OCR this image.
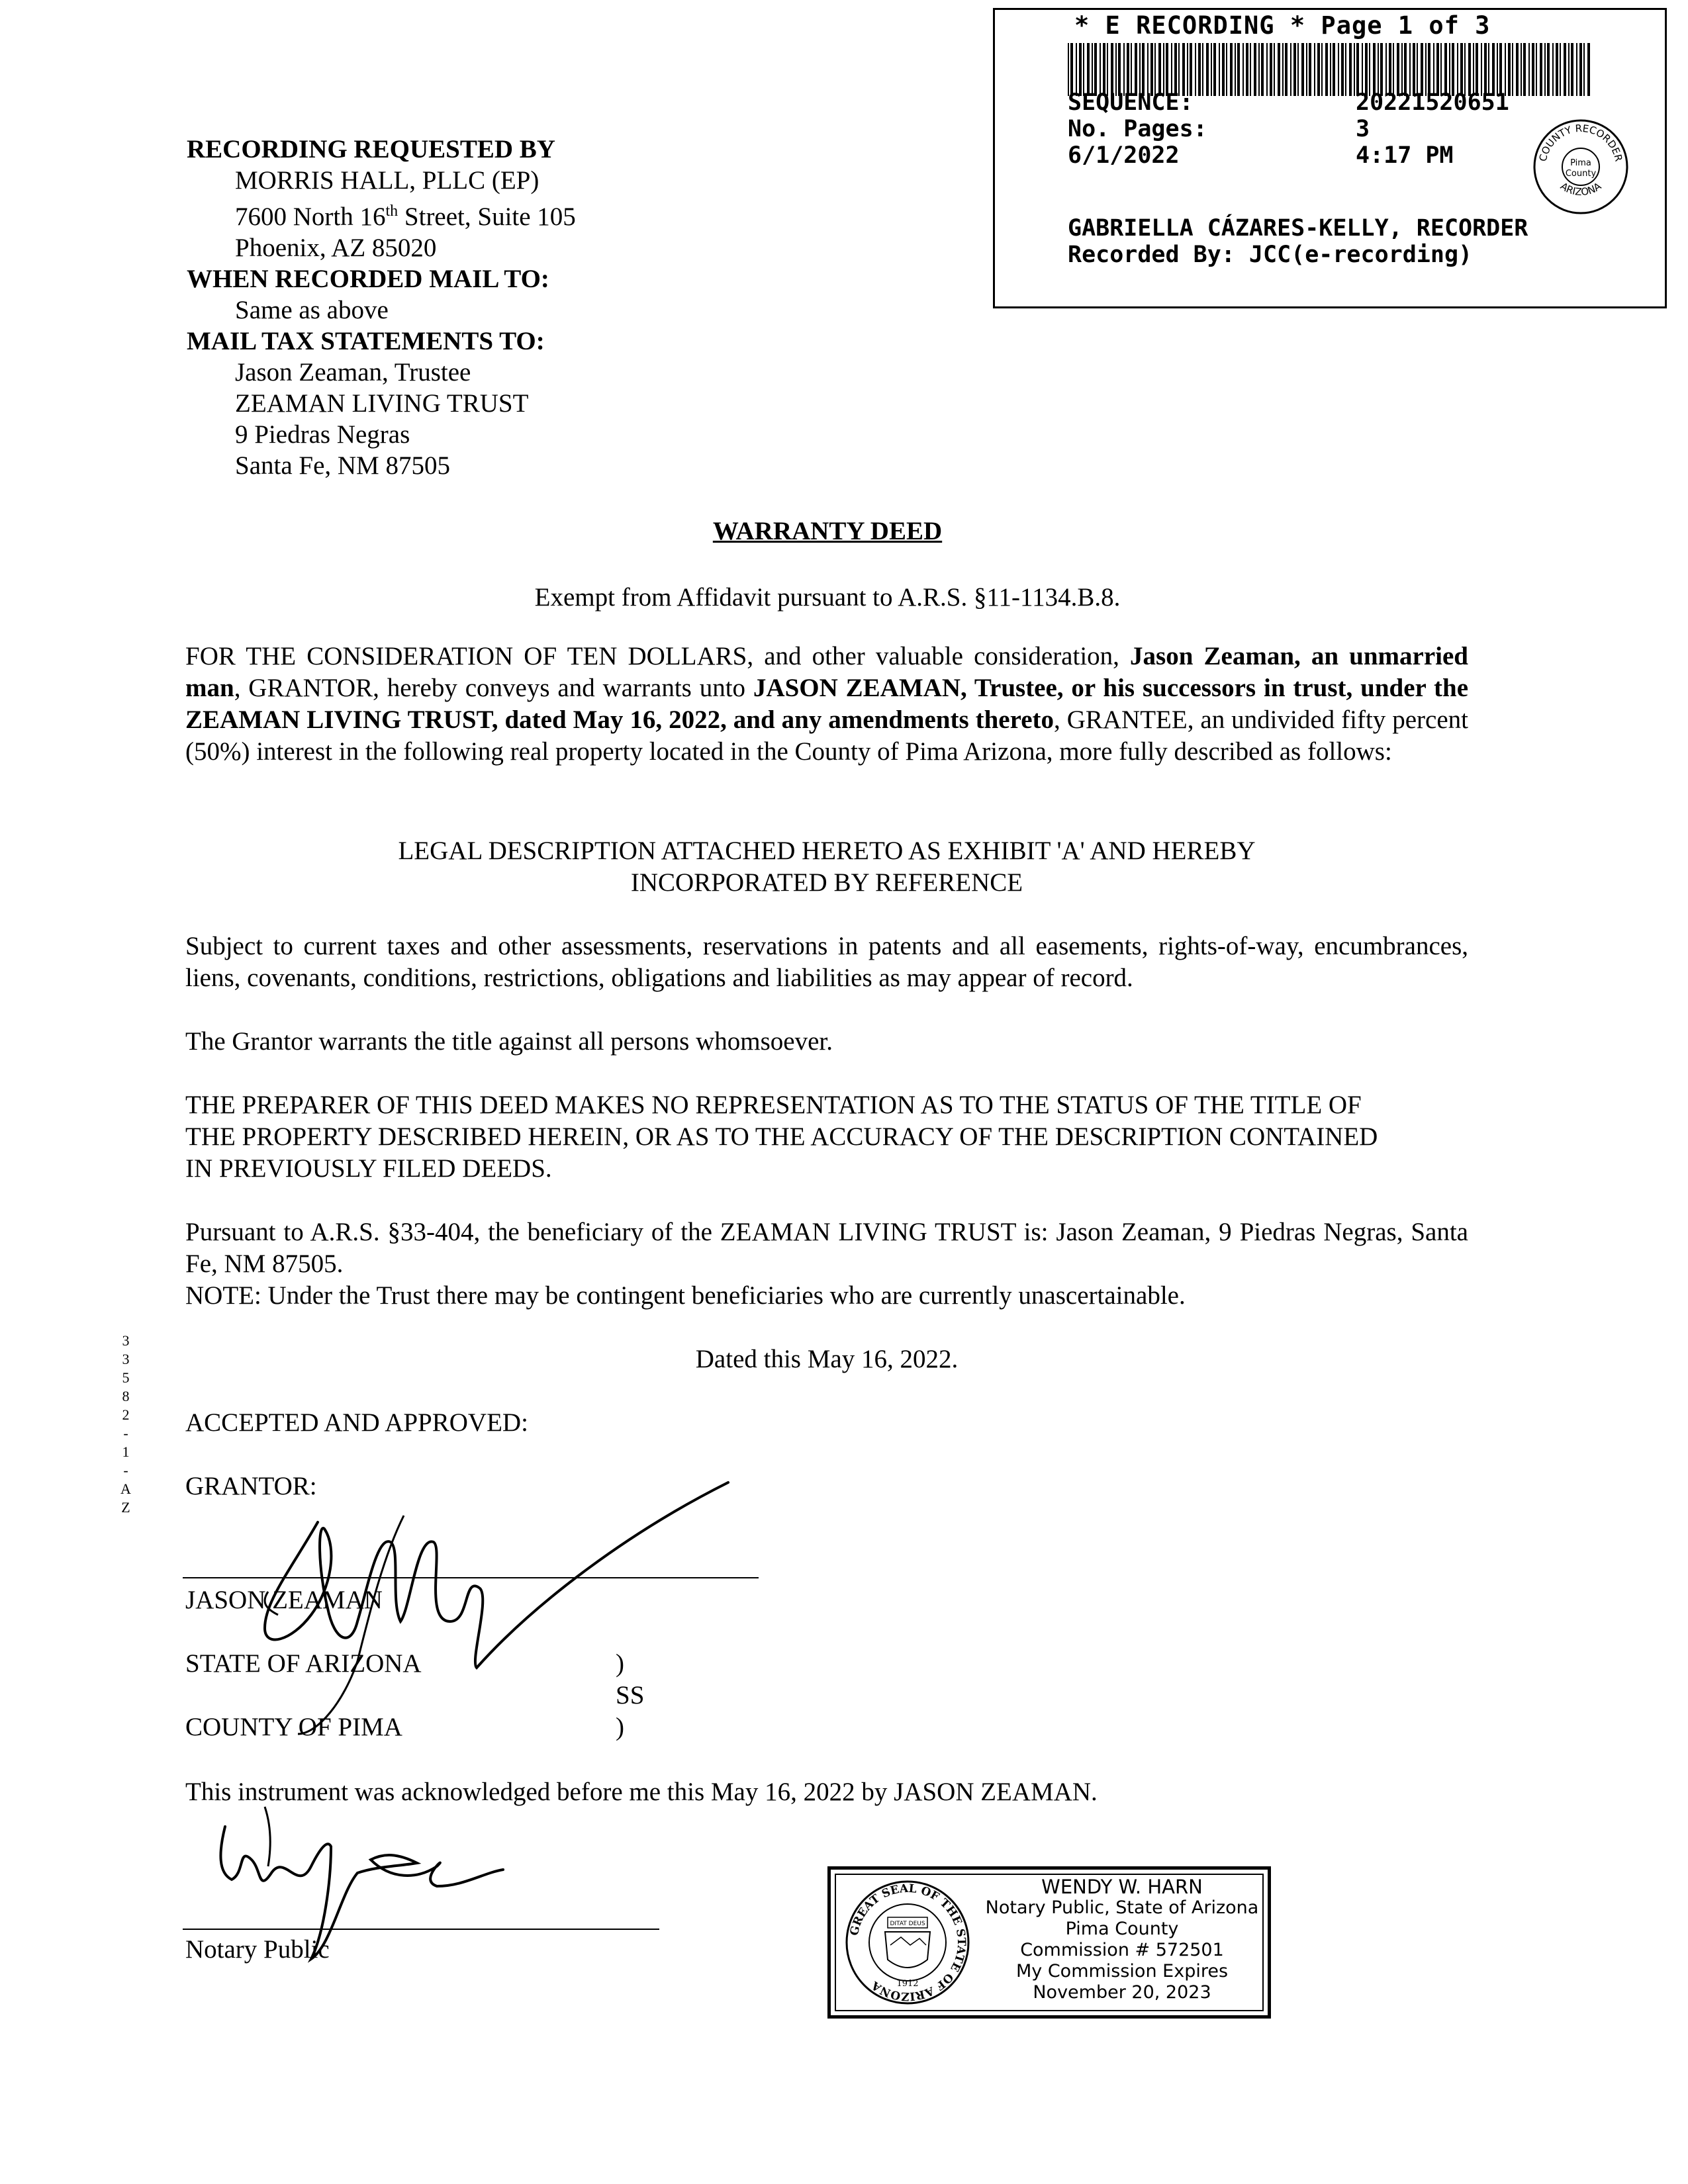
* E RECORDING * Page 1 of 3
SEQUENCE:	20221520651
No. Pages:	3
6/1/2022	4:17 PM
GABRIELLA CÁZARES-KELLY, RECORDER
Recorded By: JCC(e-recording)
COUNTY RECORDER
ARIZONA
Pima
County
RECORDING REQUESTED BY
MORRIS HALL, PLLC (EP)
7600 North 16th Street, Suite 105
Phoenix, AZ 85020
WHEN RECORDED MAIL TO:
Same as above
MAIL TAX STATEMENTS TO:
Jason Zeaman, Trustee
ZEAMAN LIVING TRUST
9 Piedras Negras
Santa Fe, NM 87505
WARRANTY DEED
Exempt from Affidavit pursuant to A.R.S. §11-1134.B.8.
FOR THE CONSIDERATION OF TEN DOLLARS, and other valuable consideration, Jason Zeaman, an unmarried man, GRANTOR, hereby conveys and warrants unto JASON ZEAMAN, Trustee, or his successors in trust, under the ZEAMAN LIVING TRUST, dated May 16, 2022, and any amendments thereto, GRANTEE, an undivided fifty percent (50%) interest in the following real property located in the County of Pima Arizona, more fully described as follows:
LEGAL DESCRIPTION ATTACHED HERETO AS EXHIBIT 'A' AND HEREBY
INCORPORATED BY REFERENCE
Subject to current taxes and other assessments, reservations in patents and all easements, rights-of-way, encumbrances, liens, covenants, conditions, restrictions, obligations and liabilities as may appear of record.
The Grantor warrants the title against all persons whomsoever.
THE PREPARER OF THIS DEED MAKES NO REPRESENTATION AS TO THE STATUS OF THE TITLE OF
THE PROPERTY DESCRIBED HEREIN, OR AS TO THE ACCURACY OF THE DESCRIPTION CONTAINED
IN PREVIOUSLY FILED DEEDS.
Pursuant to A.R.S. §33-404, the beneficiary of the ZEAMAN LIVING TRUST is: Jason Zeaman, 9 Piedras Negras, Santa Fe, NM 87505.
NOTE: Under the Trust there may be contingent beneficiaries who are currently unascertainable.
3
3
5
8
2
-
1
-
A
Z
Dated this May 16, 2022.
ACCEPTED AND APPROVED:
GRANTOR:
JASON ZEAMAN
STATE OF ARIZONA	)
SS
)
COUNTY OF PIMA
This instrument was acknowledged before me this May 16, 2022 by JASON ZEAMAN.
Notary Public
GREAT SEAL OF THE STATE OF ARIZONA
DITAT DEUS
1912
WENDY W. HARN
Notary Public, State of Arizona
Pima County
Commission # 572501
My Commission Expires
November 20, 2023
